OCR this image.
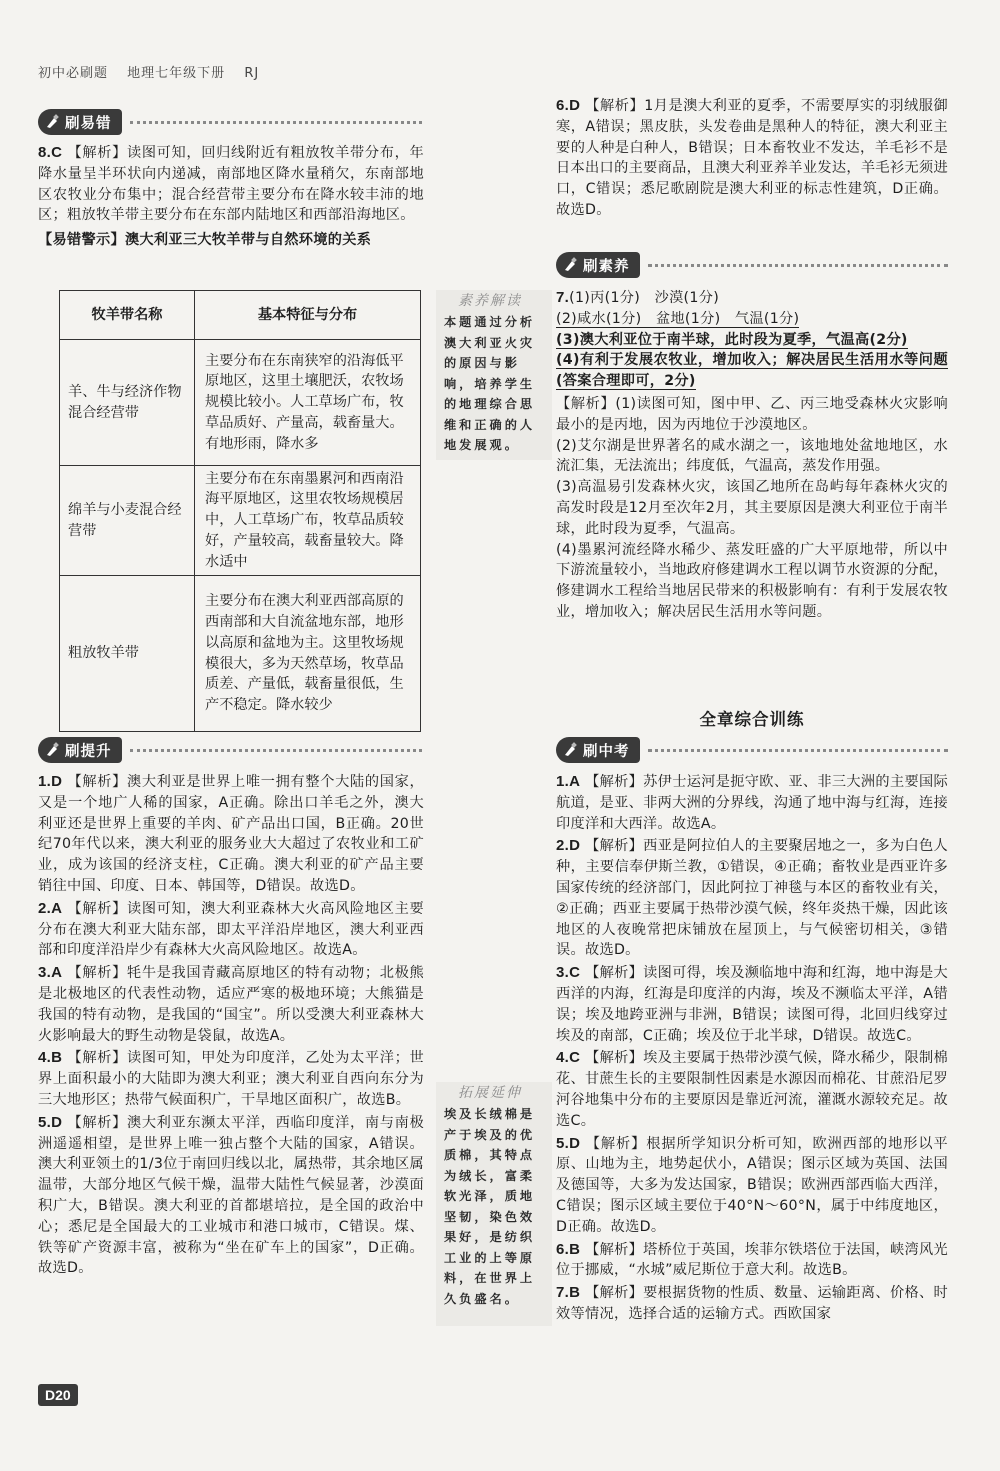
初中必刷题 地理七年级下册 RJ
刷易错

8.C 【解析】读图可知，回归线附近有粗放牧羊带分布，年降水量呈半环状向内递减，南部地区降水量稍欠，东南部地区农牧业分布集中；混合经营带主要分布在降水较丰沛的地区；粗放牧羊带主要分布在东部内陆地区和西部沿海地区。

【易错警示】澳大利亚三大牧羊带与自然环境的关系

牧羊带名称	基本特征与分布
羊、牛与经济作物混合经营带	主要分布在东南狭窄的沿海低平原地区，这里土壤肥沃，农牧场规模比较小。人工草场广布，牧草品质好、产量高，载畜量大。有地形雨，降水多
绵羊与小麦混合经营带	主要分布在东南墨累河和西南沿海平原地区，这里农牧场规模居中，人工草场广布，牧草品质较好，产量较高，载畜量较大。降水适中
粗放牧羊带	主要分布在澳大利亚西部高原的西南部和大自流盆地东部，地形以高原和盆地为主。这里牧场规模很大，多为天然草场，牧草品质差、产量低，载畜量很低，生产不稳定。降水较少
刷提升

1.D 【解析】澳大利亚是世界上唯一拥有整个大陆的国家，又是一个地广人稀的国家，A正确。除出口羊毛之外，澳大利亚还是世界上重要的羊肉、矿产品出口国，B正确。20世纪70年代以来，澳大利亚的服务业大大超过了农牧业和工矿业，成为该国的经济支柱，C正确。澳大利亚的矿产品主要销往中国、印度、日本、韩国等，D错误。故选D。

2.A 【解析】读图可知，澳大利亚森林大火高风险地区主要分布在澳大利亚大陆东部，即太平洋沿岸地区，澳大利亚西部和印度洋沿岸少有森林大火高风险地区。故选A。

3.A 【解析】牦牛是我国青藏高原地区的特有动物；北极熊是北极地区的代表性动物，适应严寒的极地环境；大熊猫是我国的特有动物，是我国的“国宝”。所以受澳大利亚森林大火影响最大的野生动物是袋鼠，故选A。

4.B 【解析】读图可知，甲处为印度洋，乙处为太平洋；世界上面积最小的大陆即为澳大利亚；澳大利亚自西向东分为三大地形区；热带气候面积广，干旱地区面积广，故选B。

5.D 【解析】澳大利亚东濒太平洋，西临印度洋，南与南极洲遥遥相望，是世界上唯一独占整个大陆的国家，A错误。澳大利亚领土的1/3位于南回归线以北，属热带，其余地区属温带，大部分地区气候干燥，温带大陆性气候显著，沙漠面积广大，B错误。澳大利亚的首都堪培拉，是全国的政治中心；悉尼是全国最大的工业城市和港口城市，C错误。煤、铁等矿产资源丰富，被称为“坐在矿车上的国家”，D正确。故选D。

素养解读
本题通过分析澳大利亚火灾的原因与影响，培养学生的地理综合思维和正确的人地发展观。
拓展延伸
埃及长绒棉是产于埃及的优质棉，其特点为绒长，富柔软光泽，质地坚韧，染色效果好，是纺织工业的上等原料，在世界上久负盛名。

6.D 【解析】1月是澳大利亚的夏季，不需要厚实的羽绒服御寒，A错误；黑皮肤，头发卷曲是黑种人的特征，澳大利亚主要的人种是白种人，B错误；日本畜牧业不发达，羊毛衫不是日本出口的主要商品，且澳大利亚养羊业发达，羊毛衫无须进口，C错误；悉尼歌剧院是澳大利亚的标志性建筑，D正确。故选D。

刷素养

7.(1)丙(1分)　沙漠(1分)

(2)咸水(1分)　盆地(1分)　气温(1分)

(3)澳大利亚位于南半球，此时段为夏季，气温高(2分)

(4)有利于发展农牧业，增加收入；解决居民生活用水等问题(答案合理即可，2分)

【解析】(1)读图可知，图中甲、乙、丙三地受森林火灾影响最小的是丙地，因为丙地位于沙漠地区。

(2)艾尔湖是世界著名的咸水湖之一，该地地处盆地地区，水流汇集，无法流出；纬度低，气温高，蒸发作用强。

(3)高温易引发森林火灾，该国乙地所在岛屿每年森林火灾的高发时段是12月至次年2月，其主要原因是澳大利亚位于南半球，此时段为夏季，气温高。

(4)墨累河流经降水稀少、蒸发旺盛的广大平原地带，所以中下游流量较小，当地政府修建调水工程以调节水资源的分配，修建调水工程给当地居民带来的积极影响有：有利于发展农牧业，增加收入；解决居民生活用水等问题。

全章综合训练
刷中考

1.A 【解析】苏伊士运河是扼守欧、亚、非三大洲的主要国际航道，是亚、非两大洲的分界线，沟通了地中海与红海，连接印度洋和大西洋。故选A。

2.D 【解析】西亚是阿拉伯人的主要聚居地之一，多为白色人种，主要信奉伊斯兰教，①错误，④正确；畜牧业是西亚许多国家传统的经济部门，因此阿拉丁神毯与本区的畜牧业有关，②正确；西亚主要属于热带沙漠气候，终年炎热干燥，因此该地区的人夜晚常把床铺放在屋顶上，与气候密切相关，③错误。故选D。

3.C 【解析】读图可得，埃及濒临地中海和红海，地中海是大西洋的内海，红海是印度洋的内海，埃及不濒临太平洋，A错误；埃及地跨亚洲与非洲，B错误；读图可得，北回归线穿过埃及的南部，C正确；埃及位于北半球，D错误。故选C。

4.C 【解析】埃及主要属于热带沙漠气候，降水稀少，限制棉花、甘蔗生长的主要限制性因素是水源因而棉花、甘蔗沿尼罗河谷地集中分布的主要原因是靠近河流，灌溉水源较充足。故选C。

5.D 【解析】根据所学知识分析可知，欧洲西部的地形以平原、山地为主，地势起伏小，A错误；图示区域为英国、法国及德国等，大多为发达国家，B错误；欧洲西部西临大西洋，C错误；图示区域主要位于40°N～60°N，属于中纬度地区，D正确。故选D。

6.B 【解析】塔桥位于英国，埃菲尔铁塔位于法国，峡湾风光位于挪威，“水城”威尼斯位于意大利。故选B。

7.B 【解析】要根据货物的性质、数量、运输距离、价格、时效等情况，选择合适的运输方式。西欧国家

D20
